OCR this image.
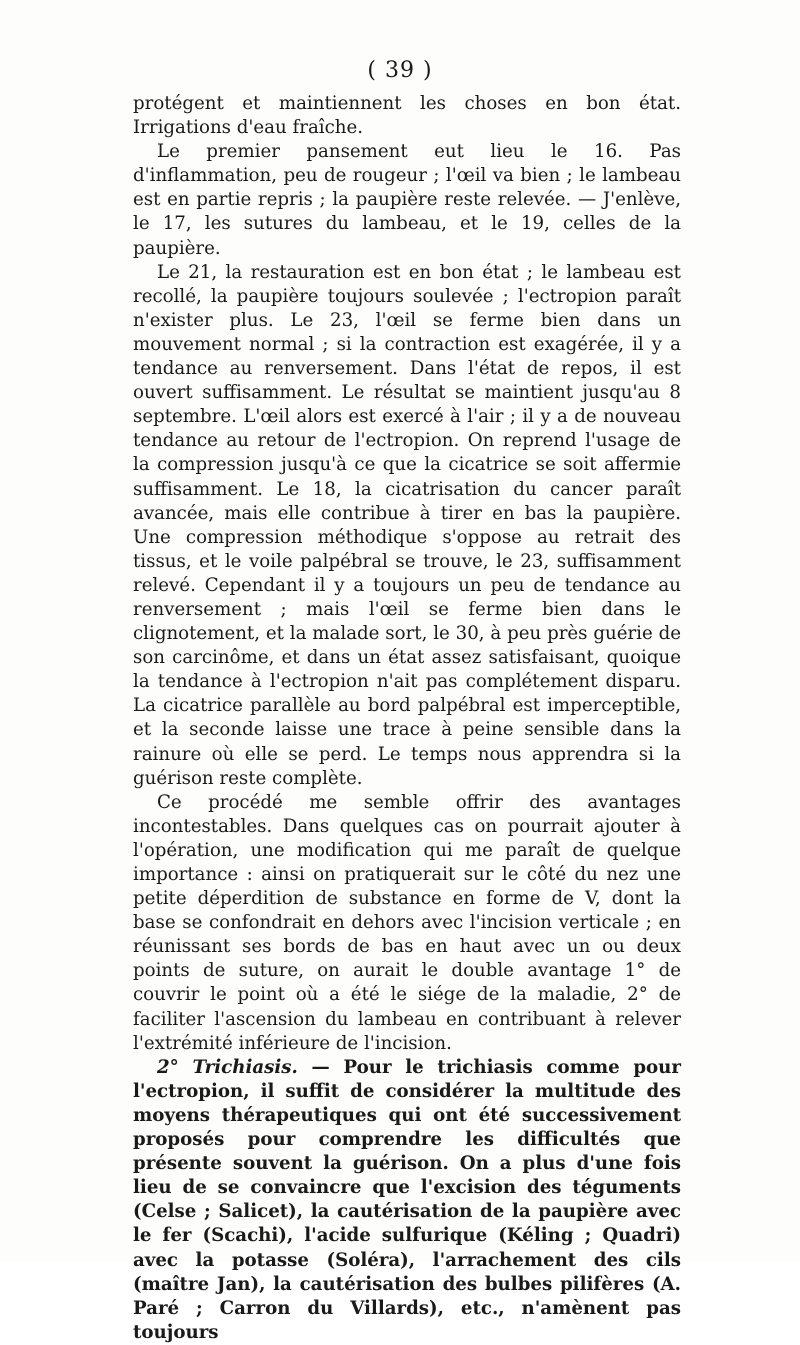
( 39 )

protégent et maintiennent les choses en bon état. Irrigations d'eau fraîche.

Le premier pansement eut lieu le 16. Pas d'inflammation, peu de rougeur ; l'œil va bien ; le lambeau est en partie repris ; la paupière reste relevée. — J'enlève, le 17, les sutures du lambeau, et le 19, celles de la paupière.

Le 21, la restauration est en bon état ; le lambeau est recollé, la paupière toujours soulevée ; l'ectropion paraît n'exister plus. Le 23, l'œil se ferme bien dans un mouvement normal ; si la contraction est exagérée, il y a tendance au renversement. Dans l'état de repos, il est ouvert suffisamment. Le résultat se maintient jusqu'au 8 septembre. L'œil alors est exercé à l'air ; il y a de nouveau tendance au retour de l'ectropion. On reprend l'usage de la compression jusqu'à ce que la cicatrice se soit affermie suffisamment. Le 18, la cicatrisation du cancer paraît avancée, mais elle contribue à tirer en bas la paupière. Une compression méthodique s'oppose au retrait des tissus, et le voile palpébral se trouve, le 23, suffisamment relevé. Cependant il y a toujours un peu de tendance au renversement ; mais l'œil se ferme bien dans le clignotement, et la malade sort, le 30, à peu près guérie de son carcinôme, et dans un état assez satisfaisant, quoique la tendance à l'ectropion n'ait pas complétement disparu. La cicatrice parallèle au bord palpébral est imperceptible, et la seconde laisse une trace à peine sensible dans la rainure où elle se perd. Le temps nous apprendra si la guérison reste complète.

Ce procédé me semble offrir des avantages incontestables. Dans quelques cas on pourrait ajouter à l'opération, une modification qui me paraît de quelque importance : ainsi on pratiquerait sur le côté du nez une petite déperdition de substance en forme de V, dont la base se confondrait en dehors avec l'incision verticale ; en réunissant ses bords de bas en haut avec un ou deux points de suture, on aurait le double avantage 1° de couvrir le point où a été le siége de la maladie, 2° de faciliter l'ascension du lambeau en contribuant à relever l'extrémité inférieure de l'incision.

2° Trichiasis. — Pour le trichiasis comme pour l'ectropion, il suffit de considérer la multitude des moyens thérapeutiques qui ont été successivement proposés pour comprendre les difficultés que présente souvent la guérison. On a plus d'une fois lieu de se convaincre que l'excision des téguments (Celse ; Salicet), la cautérisation de la paupière avec le fer (Scachi), l'acide sulfurique (Kéling ; Quadri) avec la potasse (Soléra), l'arrachement des cils (maître Jan), la cautérisation des bulbes pilifères (A. Paré ; Carron du Villards), etc., n'amènent pas toujours
